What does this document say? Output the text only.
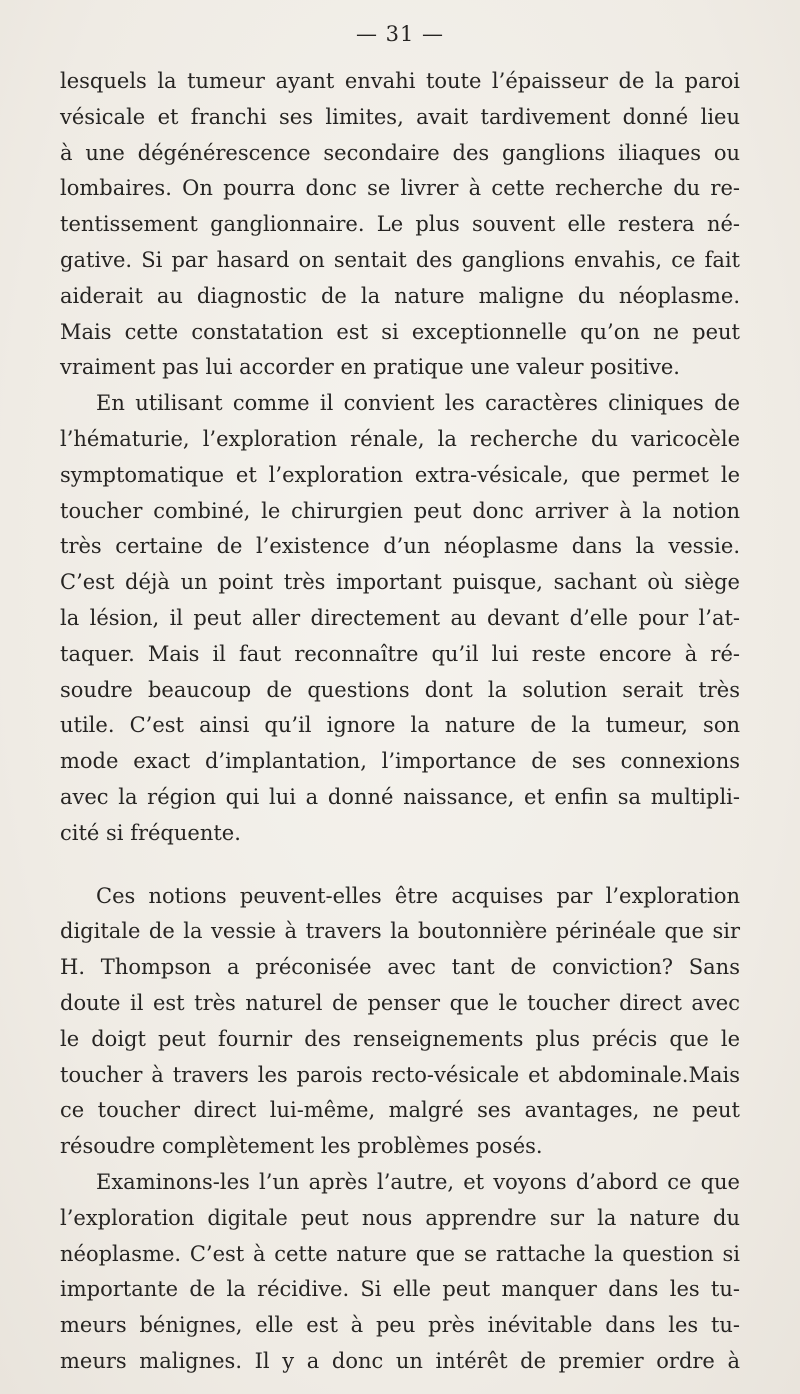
— 31 —
lesquels la tumeur ayant envahi toute l’épaisseur de la paroi
vésicale et franchi ses limites, avait tardivement donné lieu
à une dégénérescence secondaire des ganglions iliaques ou
lombaires. On pourra donc se livrer à cette recherche du re-
tentissement ganglionnaire. Le plus souvent elle restera né-
gative. Si par hasard on sentait des ganglions envahis, ce fait
aiderait au diagnostic de la nature maligne du néoplasme.
Mais cette constatation est si exceptionnelle qu’on ne peut
vraiment pas lui accorder en pratique une valeur positive.
En utilisant comme il convient les caractères cliniques de
l’hématurie, l’exploration rénale, la recherche du varicocèle
symptomatique et l’exploration extra-vésicale, que permet le
toucher combiné, le chirurgien peut donc arriver à la notion
très certaine de l’existence d’un néoplasme dans la vessie.
C’est déjà un point très important puisque, sachant où siège
la lésion, il peut aller directement au devant d’elle pour l’at-
taquer. Mais il faut reconnaître qu’il lui reste encore à ré-
soudre beaucoup de questions dont la solution serait très
utile. C’est ainsi qu’il ignore la nature de la tumeur, son
mode exact d’implantation, l’importance de ses connexions
avec la région qui lui a donné naissance, et enfin sa multipli-
cité si fréquente.
Ces notions peuvent-elles être acquises par l’exploration
digitale de la vessie à travers la boutonnière périnéale que sir
H. Thompson a préconisée avec tant de conviction? Sans
doute il est très naturel de penser que le toucher direct avec
le doigt peut fournir des renseignements plus précis que le
toucher à travers les parois recto-vésicale et abdominale.Mais
ce toucher direct lui-même, malgré ses avantages, ne peut
résoudre complètement les problèmes posés.
Examinons-les l’un après l’autre, et voyons d’abord ce que
l’exploration digitale peut nous apprendre sur la nature du
néoplasme. C’est à cette nature que se rattache la question si
importante de la récidive. Si elle peut manquer dans les tu-
meurs bénignes, elle est à peu près inévitable dans les tu-
meurs malignes. Il y a donc un intérêt de premier ordre à
